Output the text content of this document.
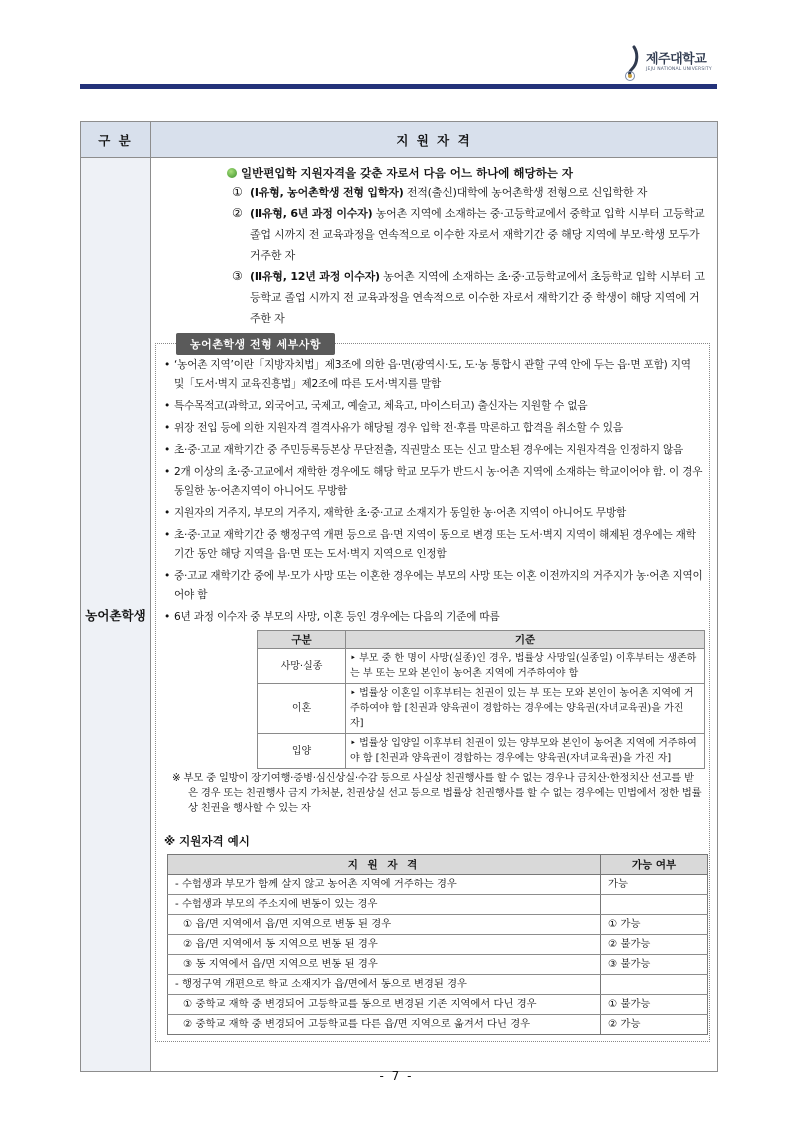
제주대학교
JEJU NATIONAL UNIVERSITY
구 분	지 원 자 격
농어촌학생	
일반편입학 지원자격을 갖춘 자로서 다음 어느 하나에 해당하는 자
① (Ⅰ유형, 농어촌학생 전형 입학자) 전적(출신)대학에 농어촌학생 전형으로 신입학한 자
② (Ⅱ유형, 6년 과정 이수자) 농어촌 지역에 소재하는 중‧고등학교에서 중학교 입학 시부터 고등학교 졸업 시까지 전 교육과정을 연속적으로 이수한 자로서 재학기간 중 해당 지역에 부모‧학생 모두가 거주한 자
③ (Ⅱ유형, 12년 과정 이수자) 농어촌 지역에 소재하는 초‧중‧고등학교에서 초등학교 입학 시부터 고등학교 졸업 시까지 전 교육과정을 연속적으로 이수한 자로서 재학기간 중 학생이 해당 지역에 거주한 자
농어촌학생 전형 세부사항
• ‘농어촌 지역’이란「지방자치법」제3조에 의한 읍‧면(광역시‧도, 도‧농 통합시 관할 구역 안에 두는 읍‧면 포함) 지역 및「도서‧벽지 교육진흥법」제2조에 따른 도서‧벽지를 말함
• 특수목적고(과학고, 외국어고, 국제고, 예술고, 체육고, 마이스터고) 출신자는 지원할 수 없음
• 위장 전입 등에 의한 지원자격 결격사유가 해당될 경우 입학 전‧후를 막론하고 합격을 취소할 수 있음
• 초‧중‧고교 재학기간 중 주민등록등본상 무단전출, 직권말소 또는 신고 말소된 경우에는 지원자격을 인정하지 않음
• 2개 이상의 초‧중‧고교에서 재학한 경우에도 해당 학교 모두가 반드시 농‧어촌 지역에 소재하는 학교이어야 함. 이 경우 동일한 농‧어촌지역이 아니어도 무방함
• 지원자의 거주지, 부모의 거주지, 재학한 초‧중‧고교 소재지가 동일한 농‧어촌 지역이 아니어도 무방함
• 초‧중‧고교 재학기간 중 행정구역 개편 등으로 읍‧면 지역이 동으로 변경 또는 도서‧벽지 지역이 해제된 경우에는 재학기간 동안 해당 지역을 읍‧면 또는 도서‧벽지 지역으로 인정함
• 중‧고교 재학기간 중에 부‧모가 사망 또는 이혼한 경우에는 부모의 사망 또는 이혼 이전까지의 거주지가 농‧어촌 지역이어야 함
• 6년 과정 이수자 중 부모의 사망, 이혼 등인 경우에는 다음의 기준에 따름
구분	기준
사망‧실종	‣ 부모 중 한 명이 사망(실종)인 경우, 법률상 사망일(실종일) 이후부터는 생존하는 부 또는 모와 본인이 농어촌 지역에 거주하여야 함
이혼	‣ 법률상 이혼일 이후부터는 친권이 있는 부 또는 모와 본인이 농어촌 지역에 거주하여야 함 [친권과 양육권이 경합하는 경우에는 양육권(자녀교육권)을 가진 자]
입양	‣ 법률상 입양일 이후부터 친권이 있는 양부모와 본인이 농어촌 지역에 거주하여야 함 [친권과 양육권이 경합하는 경우에는 양육권(자녀교육권)을 가진 자]
※ 부모 중 일방이 장기여행‧증병‧심신상실‧수감 등으로 사실상 친권행사를 할 수 없는 경우나 금치산‧한정치산 선고를 받은 경우 또는 친권행사 금지 가처분, 친권상실 선고 등으로 법률상 친권행사를 할 수 없는 경우에는 민법에서 정한 법률상 친권을 행사할 수 있는 자
※ 지원자격 예시
지 원 자 격	가능 여부
- 수험생과 부모가 함께 살지 않고 농어촌 지역에 거주하는 경우	가능
- 수험생과 부모의 주소지에 변동이 있는 경우	
① 읍/면 지역에서 읍/면 지역으로 변동 된 경우	① 가능
② 읍/면 지역에서 동 지역으로 변동 된 경우	② 불가능
③ 동 지역에서 읍/면 지역으로 변동 된 경우	③ 불가능
- 행정구역 개편으로 학교 소재지가 읍/면에서 동으로 변경된 경우	
① 중학교 재학 중 변경되어 고등학교를 동으로 변경된 기존 지역에서 다닌 경우	① 불가능
② 중학교 재학 중 변경되어 고등학교를 다른 읍/면 지역으로 옮겨서 다닌 경우	② 가능
- 7 -
